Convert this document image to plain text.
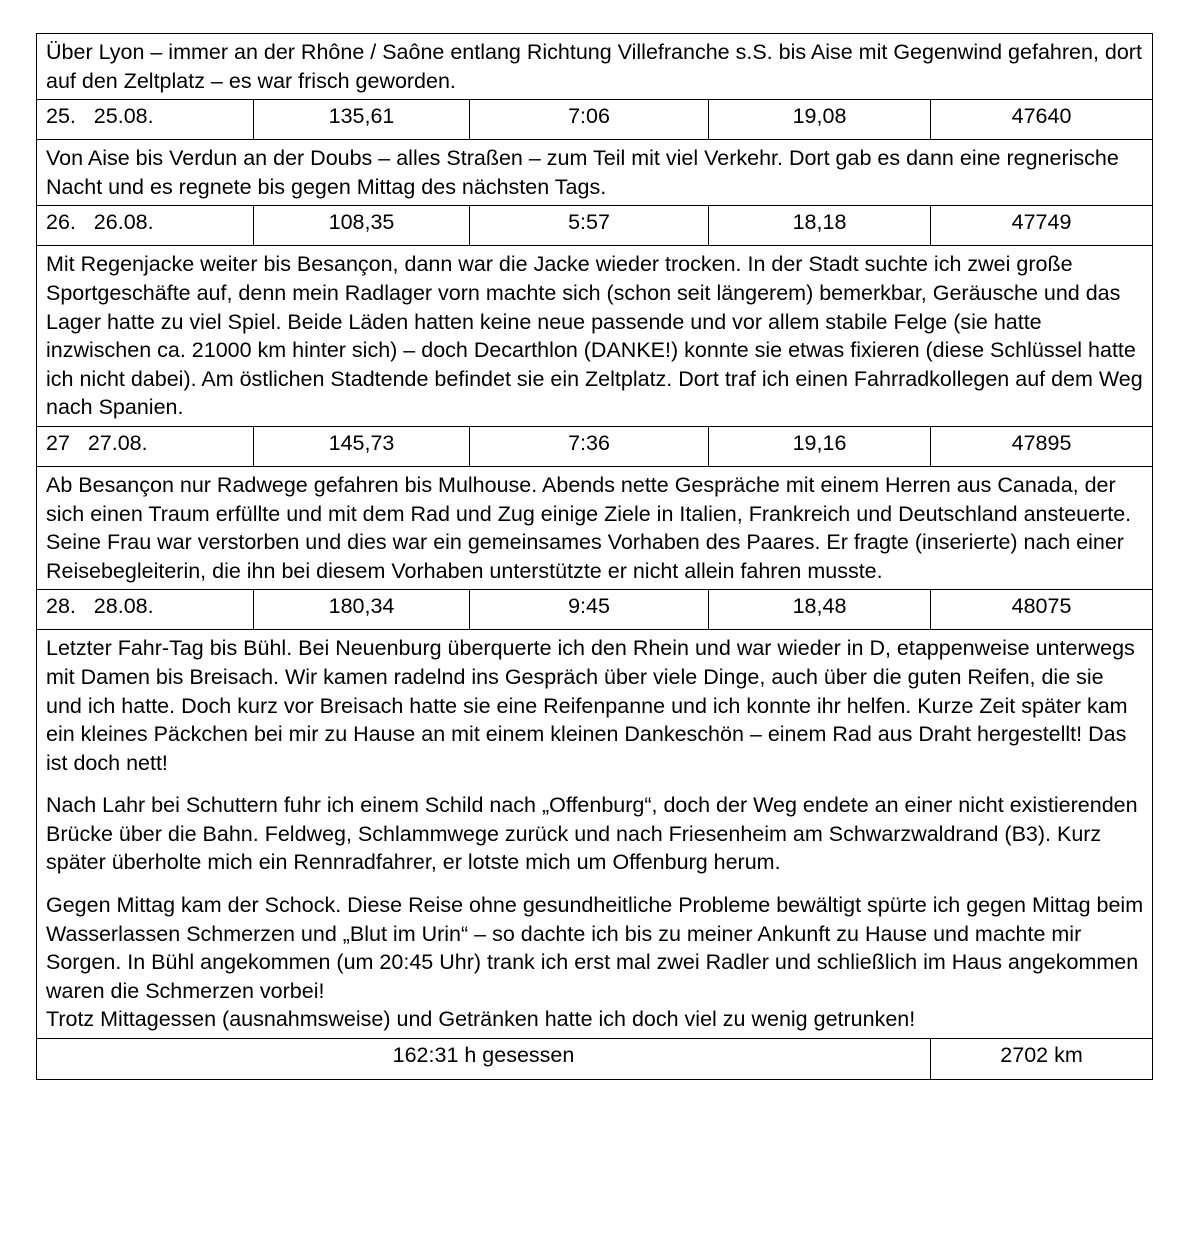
Über Lyon – immer an der Rhône / Saône entlang Richtung Villefranche s.S. bis Aise mit Gegenwind gefahren, dort auf den Zeltplatz – es war frisch geworden.				

25.   25.08.	135,61	7:06	19,08	47640

Von Aise bis Verdun an der Doubs – alles Straßen – zum Teil mit viel Verkehr. Dort gab es dann eine regnerische Nacht und es regnete bis gegen Mittag des nächsten Tags.				

26.   26.08.	108,35	5:57	18,18	47749

Mit Regenjacke weiter bis Besançon, dann war die Jacke wieder trocken. In der Stadt suchte ich zwei große Sportgeschäfte auf, denn mein Radlager vorn machte sich (schon seit längerem) bemerkbar, Geräusche und das Lager hatte zu viel Spiel. Beide Läden hatten keine neue passende und vor allem stabile Felge (sie hatte inzwischen ca. 21000 km hinter sich) – doch Decarthlon (DANKE!) konnte sie etwas fixieren (diese Schlüssel hatte ich nicht dabei). Am östlichen Stadtende befindet sie ein Zeltplatz. Dort traf ich einen Fahrradkollegen auf dem Weg nach Spanien.				

27   27.08.	145,73	7:36	19,16	47895

Ab Besançon nur Radwege gefahren bis Mulhouse. Abends nette Gespräche mit einem Herren aus Canada, der sich einen Traum erfüllte und mit dem Rad und Zug einige Ziele in Italien, Frankreich und Deutschland ansteuerte. Seine Frau war verstorben und dies war ein gemeinsames Vorhaben des Paares. Er fragte (inserierte) nach einer Reisebegleiterin, die ihn bei diesem Vorhaben unterstützte er nicht allein fahren musste.				

28.   28.08.	180,34	9:45	18,48	48075

Letzter Fahr-Tag bis Bühl. Bei Neuenburg überquerte ich den Rhein und war wieder in D, etappenweise unterwegs mit Damen bis Breisach. Wir kamen radelnd ins Gespräch über viele Dinge, auch über die guten Reifen, die sie und ich hatte. Doch kurz vor Breisach hatte sie eine Reifenpanne und ich konnte ihr helfen. Kurze Zeit später kam ein kleines Päckchen bei mir zu Hause an mit einem kleinen Dankeschön – einem Rad aus Draht hergestellt! Das ist doch nett!

Nach Lahr bei Schuttern fuhr ich einem Schild nach „Offenburg“, doch der Weg endete an einer nicht existierenden Brücke über die Bahn. Feldweg, Schlammwege zurück und nach Friesenheim am Schwarzwaldrand (B3). Kurz später überholte mich ein Rennradfahrer, er lotste mich um Offenburg herum.

Gegen Mittag kam der Schock. Diese Reise ohne gesundheitliche Probleme bewältigt spürte ich gegen Mittag beim Wasserlassen Schmerzen und „Blut im Urin“ – so dachte ich bis zu meiner Ankunft zu Hause und machte mir Sorgen. In Bühl angekommen (um 20:45 Uhr) trank ich erst mal zwei Radler und schließlich im Haus angekommen waren die Schmerzen vorbei!
Trotz Mittagessen (ausnahmsweise) und Getränken hatte ich doch viel zu wenig getrunken!				

162:31 h gesessen				2702 km
